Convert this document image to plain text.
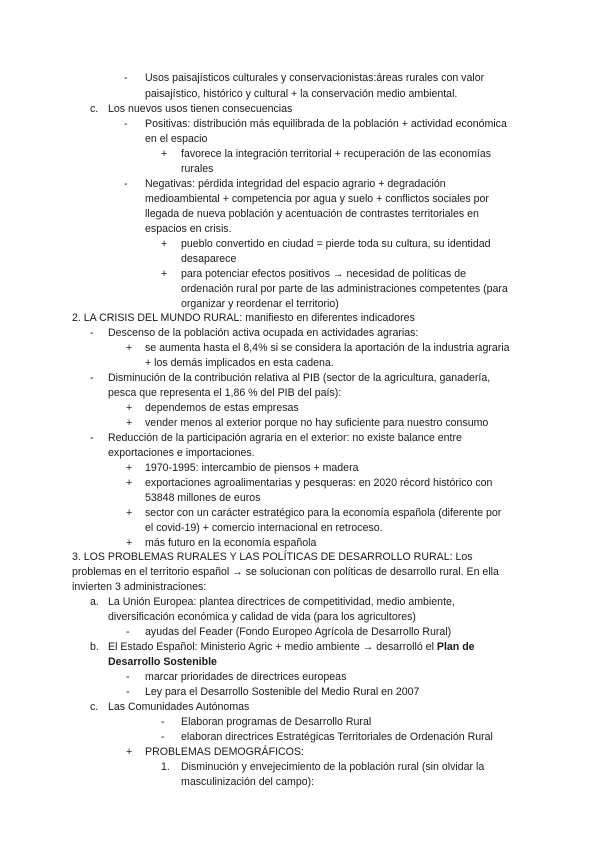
- Usos paisajísticos culturales y conservacionistas:áreas rurales con valor
paisajístico, histórico y cultural + la conservación medio ambiental.
c. Los nuevos usos tienen consecuencias
- Positivas: distribución más equilibrada de la población + actividad económica
en el espacio
+ favorece la integración territorial + recuperación de las economías
rurales
- Negativas: pérdida integridad del espacio agrario + degradación
medioambiental + competencia por agua y suelo + conflictos sociales por
llegada de nueva población y acentuación de contrastes territoriales en
espacios en crisis.
+ pueblo convertido en ciudad = pierde toda su cultura, su identidad
desaparece
+ para potenciar efectos positivos → necesidad de políticas de
ordenación rural por parte de las administraciones competentes (para
organizar y reordenar el territorio)
2. LA CRISIS DEL MUNDO RURAL: manifiesto en diferentes indicadores
- Descenso de la población activa ocupada en actividades agrarias:
+ se aumenta hasta el 8,4% si se considera la aportación de la industria agraria
+ los demás implicados en esta cadena.
- Disminución de la contribución relativa al PIB (sector de la agricultura, ganadería,
pesca que representa el 1,86 % del PIB del país):
+ dependemos de estas empresas
+ vender menos al exterior porque no hay suficiente para nuestro consumo
- Reducción de la participación agraria en el exterior: no existe balance entre
exportaciones e importaciones.
+ 1970-1995: intercambio de piensos + madera
+ exportaciones agroalimentarias y pesqueras: en 2020 récord histórico con
53848 millones de euros
+ sector con un carácter estratégico para la economía española (diferente por
el covid-19) + comercio internacional en retroceso.
+ más futuro en la economía española
3. LOS PROBLEMAS RURALES Y LAS POLÍTICAS DE DESARROLLO RURAL: Los
problemas en el territorio español → se solucionan con políticas de desarrollo rural. En ella
invierten 3 administraciones:
a. La Unión Europea: plantea directrices de competitividad, medio ambiente,
diversificación económica y calidad de vida (para los agricultores)
- ayudas del Feader (Fondo Europeo Agrícola de Desarrollo Rural)
b. El Estado Español: Ministerio Agric + medio ambiente → desarrolló el Plan de
Desarrollo Sostenible
- marcar prioridades de directrices europeas
- Ley para el Desarrollo Sostenible del Medio Rural en 2007
c. Las Comunidades Autónomas
- Elaboran programas de Desarrollo Rural
- elaboran directrices Estratégicas Territoriales de Ordenación Rural
+ PROBLEMAS DEMOGRÁFICOS:
1. Disminución y envejecimiento de la población rural (sin olvidar la
masculinización del campo):
